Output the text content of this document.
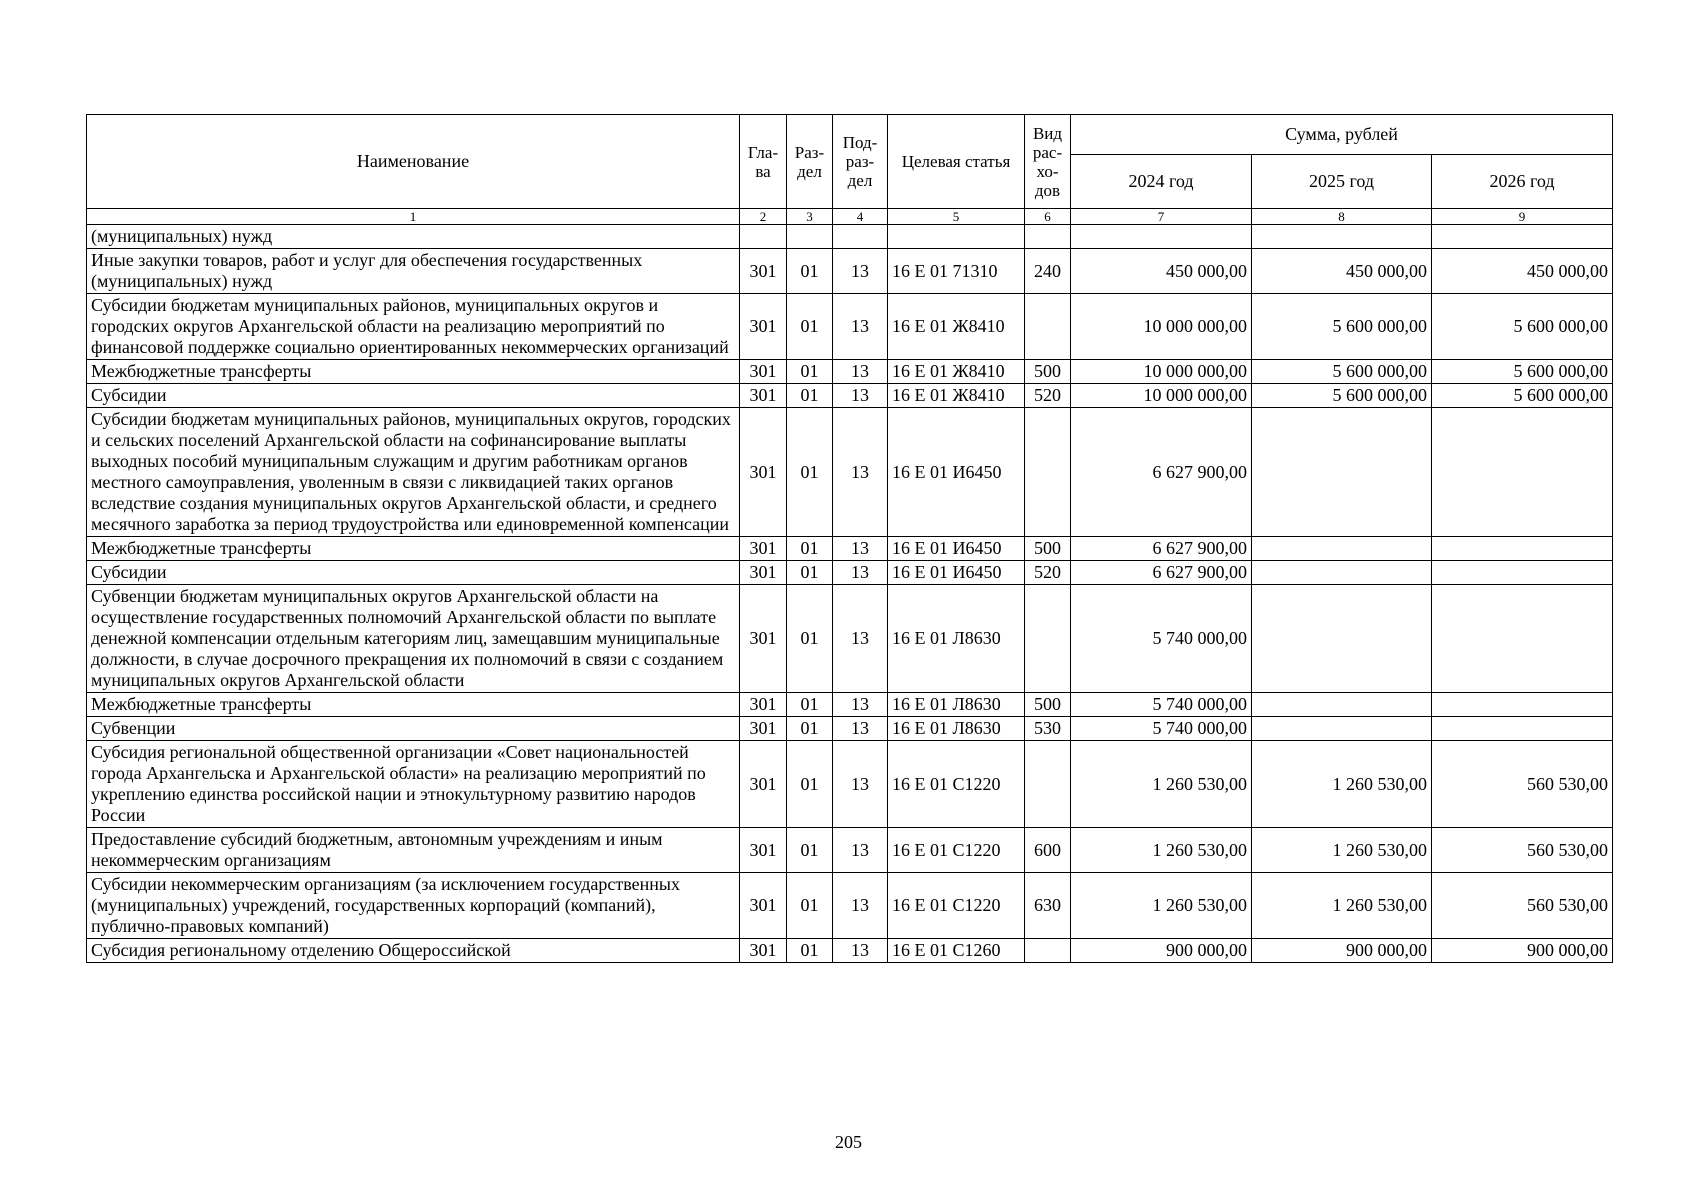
Наименование	Гла-ва	Раз-дел	Под-раз-дел	Целевая статья	Вид рас-хо-дов	Сумма, рублей		
						2024 год	2025 год	2026 год
1	2	3	4	5	6	7	8	9
(муниципальных) нужд								
Иные закупки товаров, работ и услуг для обеспечения государственных (муниципальных) нужд	301	01	13	16 Е 01 71310	240	450 000,00	450 000,00	450 000,00
Субсидии бюджетам муниципальных районов, муниципальных округов и городских округов Архангельской области на реализацию мероприятий по финансовой поддержке социально ориентированных некоммерческих организаций	301	01	13	16 Е 01 Ж8410		10 000 000,00	5 600 000,00	5 600 000,00
Межбюджетные трансферты	301	01	13	16 Е 01 Ж8410	500	10 000 000,00	5 600 000,00	5 600 000,00
Субсидии	301	01	13	16 Е 01 Ж8410	520	10 000 000,00	5 600 000,00	5 600 000,00
Субсидии бюджетам муниципальных районов, муниципальных округов, городских и сельских поселений Архангельской области на софинансирование выплаты выходных пособий муниципальным служащим и другим работникам органов местного самоуправления, уволенным в связи с ликвидацией таких органов вследствие создания муниципальных округов Архангельской области, и среднего месячного заработка за период трудоустройства или единовременной компенсации	301	01	13	16 Е 01 И6450		6 627 900,00		
Межбюджетные трансферты	301	01	13	16 Е 01 И6450	500	6 627 900,00		
Субсидии	301	01	13	16 Е 01 И6450	520	6 627 900,00		
Субвенции бюджетам муниципальных округов Архангельской области на осуществление государственных полномочий Архангельской области по выплате денежной компенсации отдельным категориям лиц, замещавшим муниципальные должности, в случае досрочного прекращения их полномочий в связи с созданием муниципальных округов Архангельской области	301	01	13	16 Е 01 Л8630		5 740 000,00		
Межбюджетные трансферты	301	01	13	16 Е 01 Л8630	500	5 740 000,00		
Субвенции	301	01	13	16 Е 01 Л8630	530	5 740 000,00		
Субсидия региональной общественной организации «Совет национальностей города Архангельска и Архангельской области» на реализацию мероприятий по укреплению единства российской нации и этнокультурному развитию народов России	301	01	13	16 Е 01 С1220		1 260 530,00	1 260 530,00	560 530,00
Предоставление субсидий бюджетным, автономным учреждениям и иным некоммерческим организациям	301	01	13	16 Е 01 С1220	600	1 260 530,00	1 260 530,00	560 530,00
Субсидии некоммерческим организациям (за исключением государственных (муниципальных) учреждений, государственных корпораций (компаний), публично-правовых компаний)	301	01	13	16 Е 01 С1220	630	1 260 530,00	1 260 530,00	560 530,00
Субсидия региональному отделению Общероссийской	301	01	13	16 Е 01 С1260		900 000,00	900 000,00	900 000,00
205
